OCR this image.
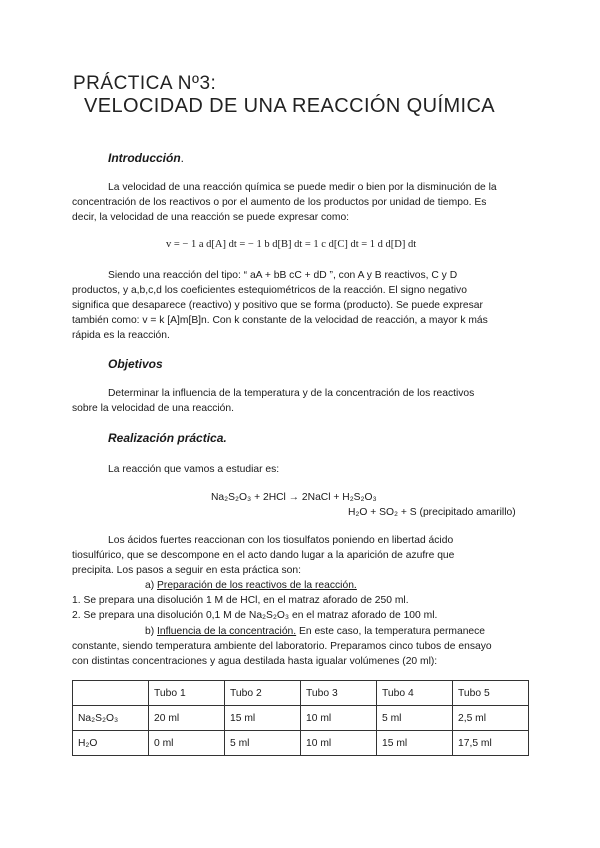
PRÁCTICA Nº3:
VELOCIDAD DE UNA REACCIÓN QUÍMICA
Introducción.
La velocidad de una reacción química se puede medir o bien por la disminución de la
concentración de los reactivos o por el aumento de los productos por unidad de tiempo. Es
decir, la velocidad de una reacción se puede expresar como:
v = − 1 a d[A] dt = − 1 b d[B] dt = 1 c d[C] dt = 1 d d[D] dt
Siendo una reacción del tipo: “ aA + bB cC + dD ”, con A y B reactivos, C y D
productos, y a,b,c,d los coeficientes estequiométricos de la reacción. El signo negativo
significa que desaparece (reactivo) y positivo que se forma (producto). Se puede expresar
también como: v = k [A]m[B]n. Con k constante de la velocidad de reacción, a mayor k más
rápida es la reacción.
Objetivos
Determinar la influencia de la temperatura y de la concentración de los reactivos
sobre la velocidad de una reacción.
Realización práctica.
La reacción que vamos a estudiar es:
Na₂S₂O₃ + 2HCl → 2NaCl + H₂S₂O₃
H₂O + SO₂ + S (precipitado amarillo)
Los ácidos fuertes reaccionan con los tiosulfatos poniendo en libertad ácido
tiosulfúrico, que se descompone en el acto dando lugar a la aparición de azufre que
precipita. Los pasos a seguir en esta práctica son:
a) Preparación de los reactivos de la reacción.
1. Se prepara una disolución 1 M de HCl, en el matraz aforado de 250 ml.
2. Se prepara una disolución 0,1 M de Na₂S₂O₃ en el matraz aforado de 100 ml.
b) Influencia de la concentración. En este caso, la temperatura permanece
constante, siendo temperatura ambiente del laboratorio. Preparamos cinco tubos de ensayo
con distintas concentraciones y agua destilada hasta igualar volúmenes (20 ml):
	Tubo 1	Tubo 2	Tubo 3	Tubo 4	Tubo 5
Na₂S₂O₃	20 ml	15 ml	10 ml	5 ml	2,5 ml
H₂O	0 ml	5 ml	10 ml	15 ml	17,5 ml
